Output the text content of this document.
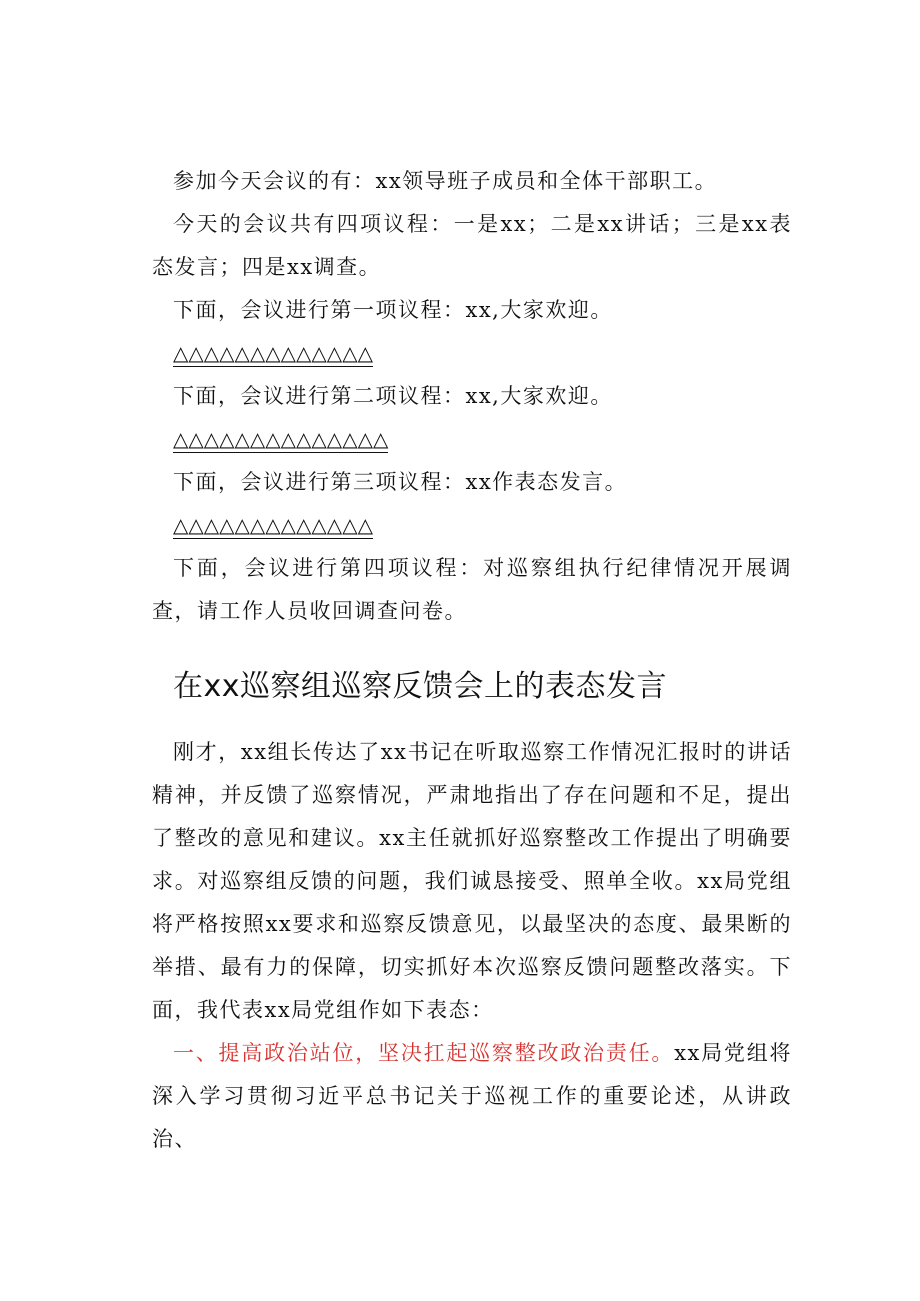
参加今天会议的有：xx领导班子成员和全体干部职工。

今天的会议共有四项议程：一是xx；二是xx讲话；三是xx表态发言；四是xx调查。

下面，会议进行第一项议程：xx,大家欢迎。

△△△△△△△△△△△△△

下面，会议进行第二项议程：xx,大家欢迎。

△△△△△△△△△△△△△△

下面，会议进行第三项议程：xx作表态发言。

△△△△△△△△△△△△△

下面，会议进行第四项议程：对巡察组执行纪律情况开展调查，请工作人员收回调查问卷。

在xx巡察组巡察反馈会上的表态发言

刚才，xx组长传达了xx书记在听取巡察工作情况汇报时的讲话精神，并反馈了巡察情况，严肃地指出了存在问题和不足，提出了整改的意见和建议。xx主任就抓好巡察整改工作提出了明确要求。对巡察组反馈的问题，我们诚恳接受、照单全收。xx局党组将严格按照xx要求和巡察反馈意见，以最坚决的态度、最果断的举措、最有力的保障，切实抓好本次巡察反馈问题整改落实。下面，我代表xx局党组作如下表态：

一、提高政治站位，坚决扛起巡察整改政治责任。xx局党组将深入学习贯彻习近平总书记关于巡视工作的重要论述，从讲政治、
